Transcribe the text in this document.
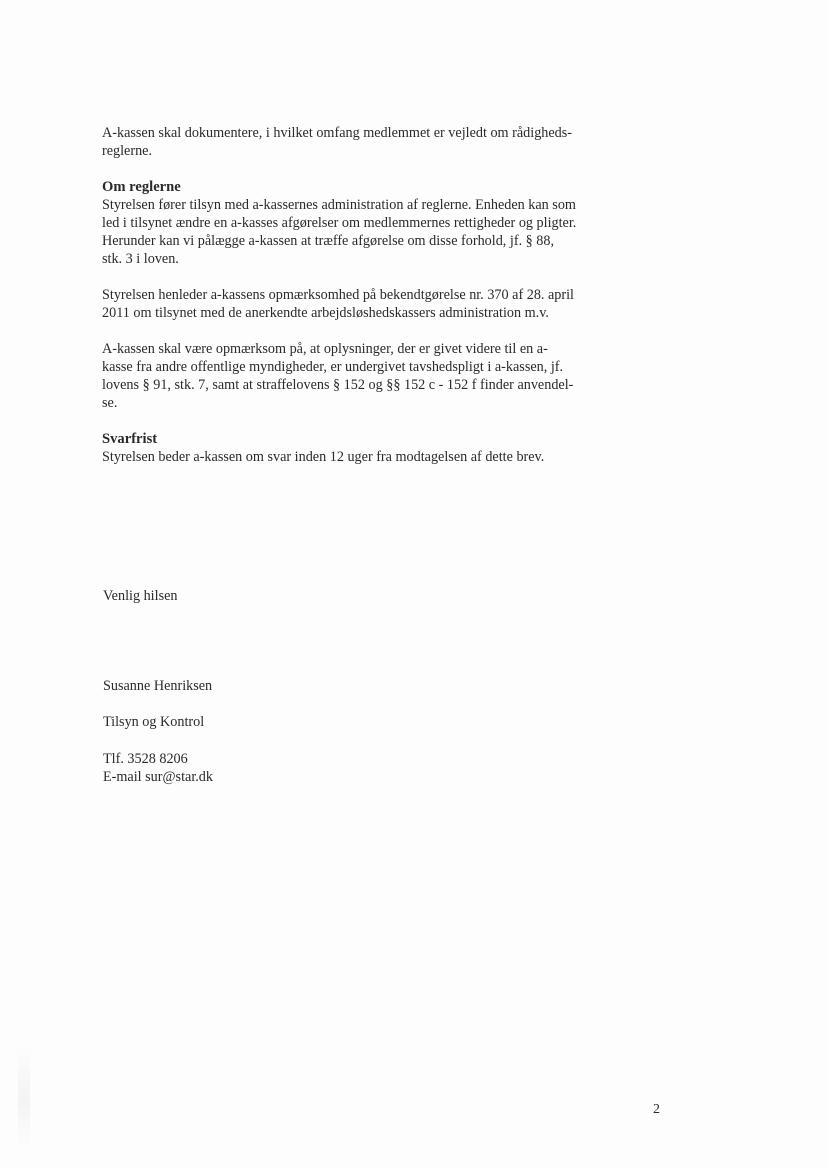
A-kassen skal dokumentere, i hvilket omfang medlemmet er vejledt om rådigheds-
reglerne.

Om reglerne

Styrelsen fører tilsyn med a-kassernes administration af reglerne. Enheden kan som
led i tilsynet ændre en a-kasses afgørelser om medlemmernes rettigheder og pligter.
Herunder kan vi pålægge a-kassen at træffe afgørelse om disse forhold, jf. § 88,
stk. 3 i loven.

Styrelsen henleder a-kassens opmærksomhed på bekendtgørelse nr. 370 af 28. april
2011 om tilsynet med de anerkendte arbejdsløshedskassers administration m.v.

A-kassen skal være opmærksom på, at oplysninger, der er givet videre til en a-
kasse fra andre offentlige myndigheder, er undergivet tavshedspligt i a-kassen, jf.
lovens § 91, stk. 7, samt at straffelovens § 152 og §§ 152 c - 152 f finder anvendel-
se.

Svarfrist

Styrelsen beder a-kassen om svar inden 12 uger fra modtagelsen af dette brev.

Venlig hilsen

Susanne Henriksen

Tilsyn og Kontrol

Tlf. 3528 8206
E-mail sur@star.dk

2
